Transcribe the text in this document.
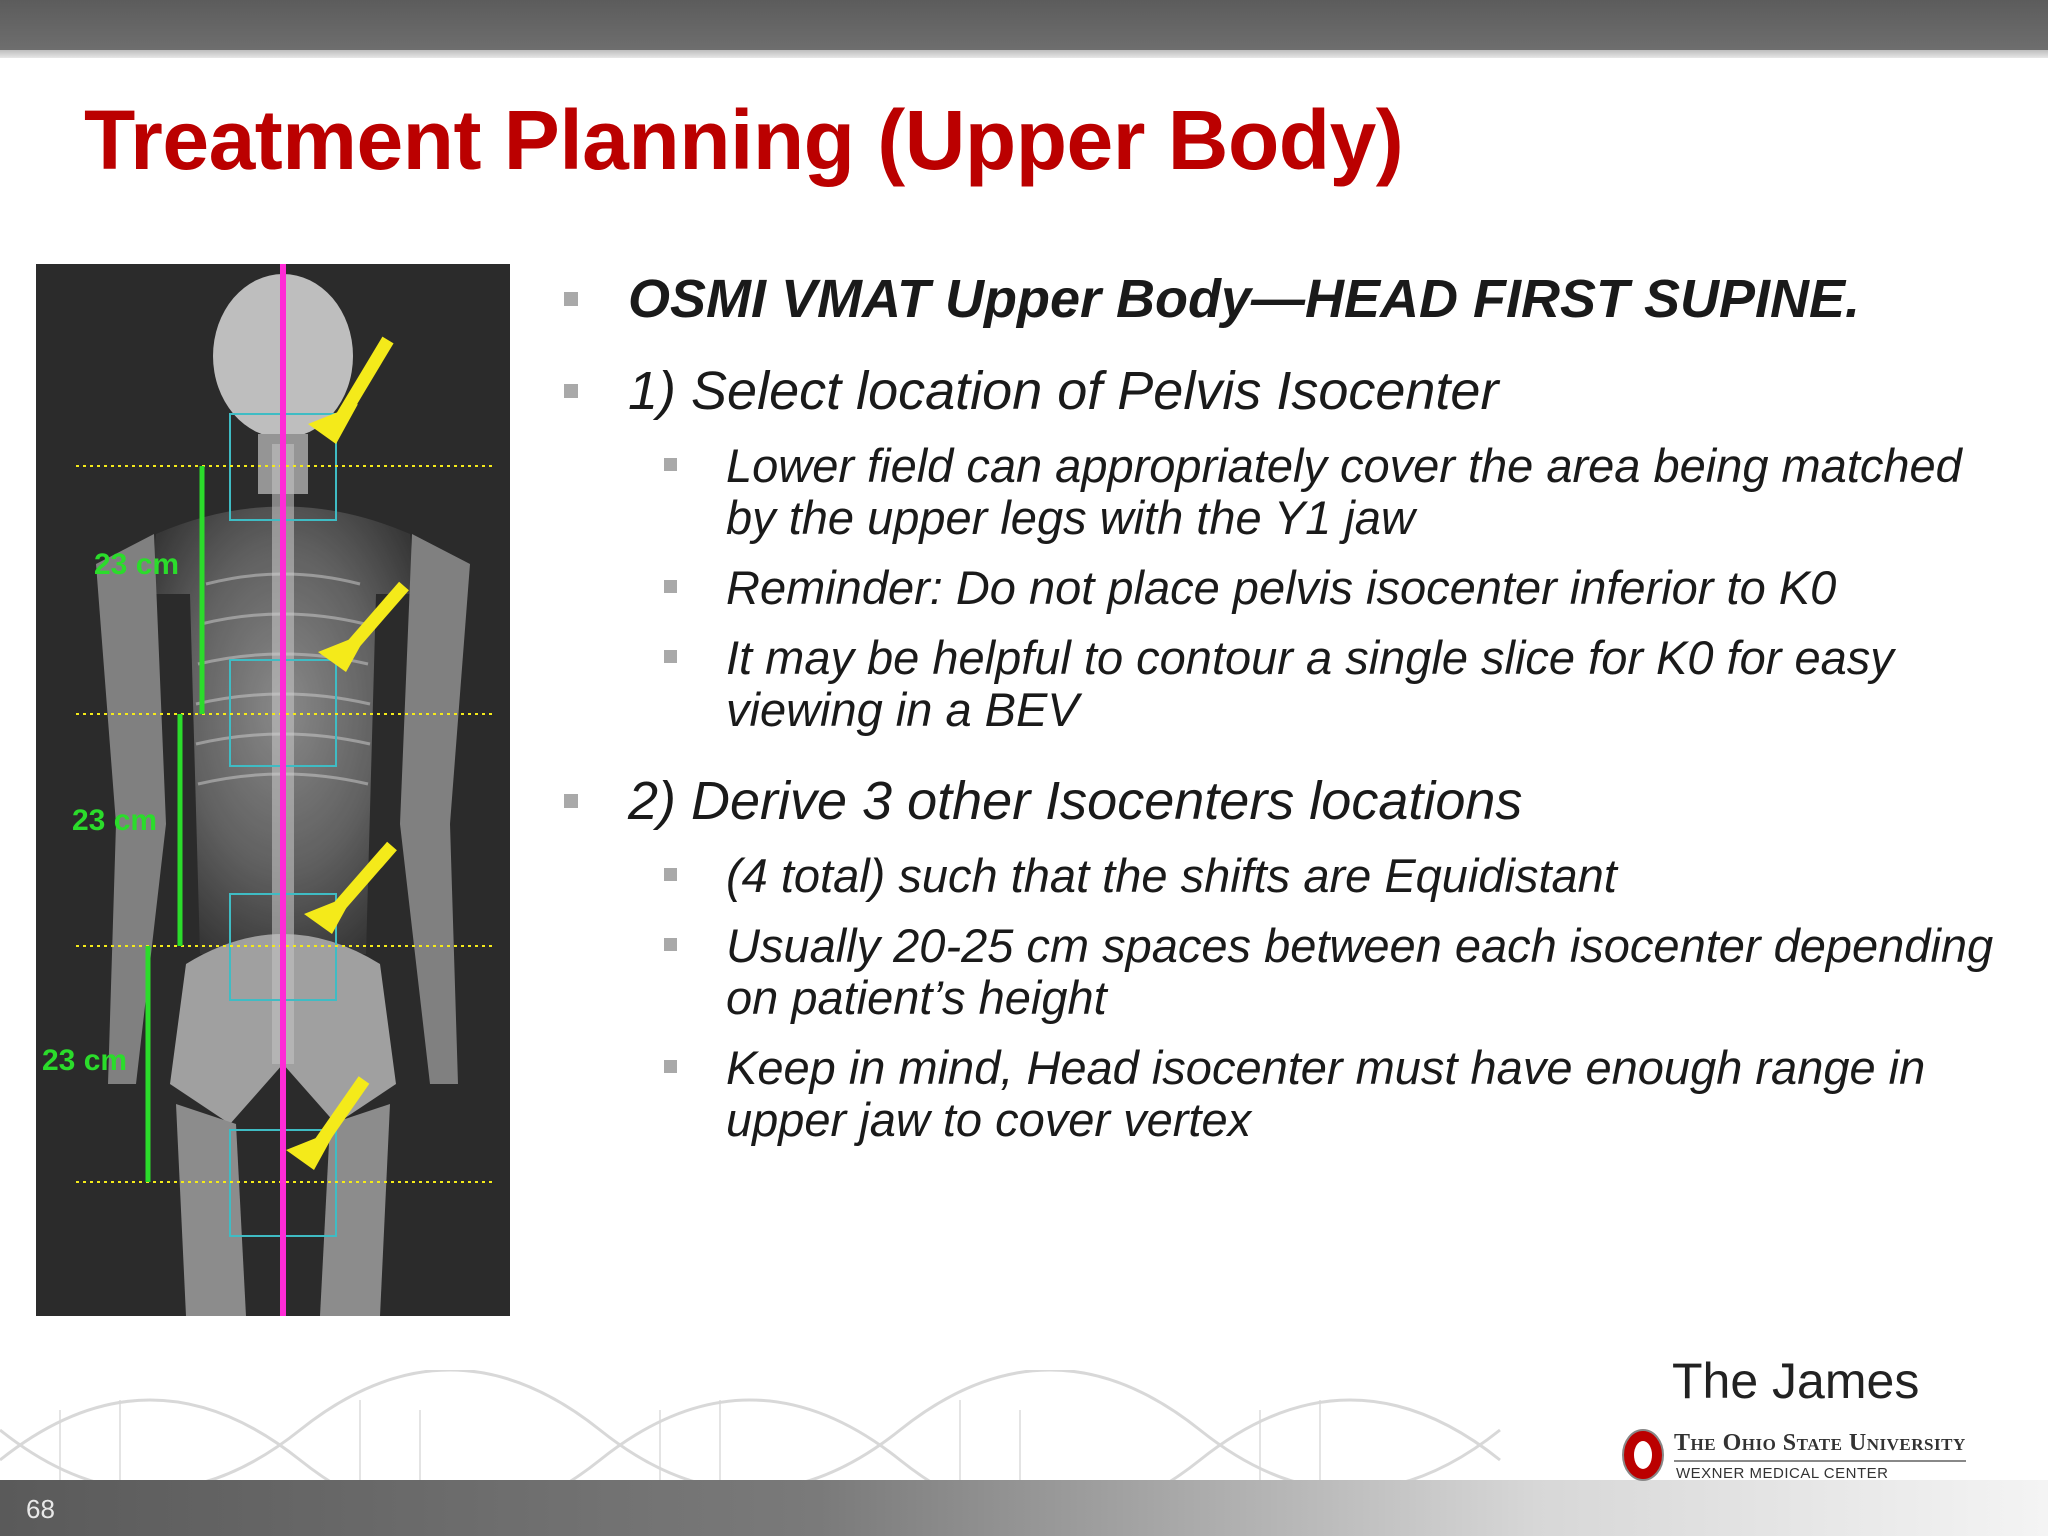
Treatment Planning (Upper Body)
23 cm
23 cm
23 cm
OSMI VMAT Upper Body—HEAD FIRST SUPINE.
1) Select location of Pelvis Isocenter
Lower field can appropriately cover the area being matched by the upper legs with the Y1 jaw
Reminder: Do not place pelvis isocenter inferior to K0
It may be helpful to contour a single slice for K0 for easy viewing in a BEV
2) Derive 3 other Isocenters locations
(4 total) such that the shifts are Equidistant
Usually 20-25 cm spaces between each isocenter depending on patient’s height
Keep in mind, Head isocenter must have enough range in upper jaw to cover vertex
68
The James
The Ohio State University
WEXNER MEDICAL CENTER
